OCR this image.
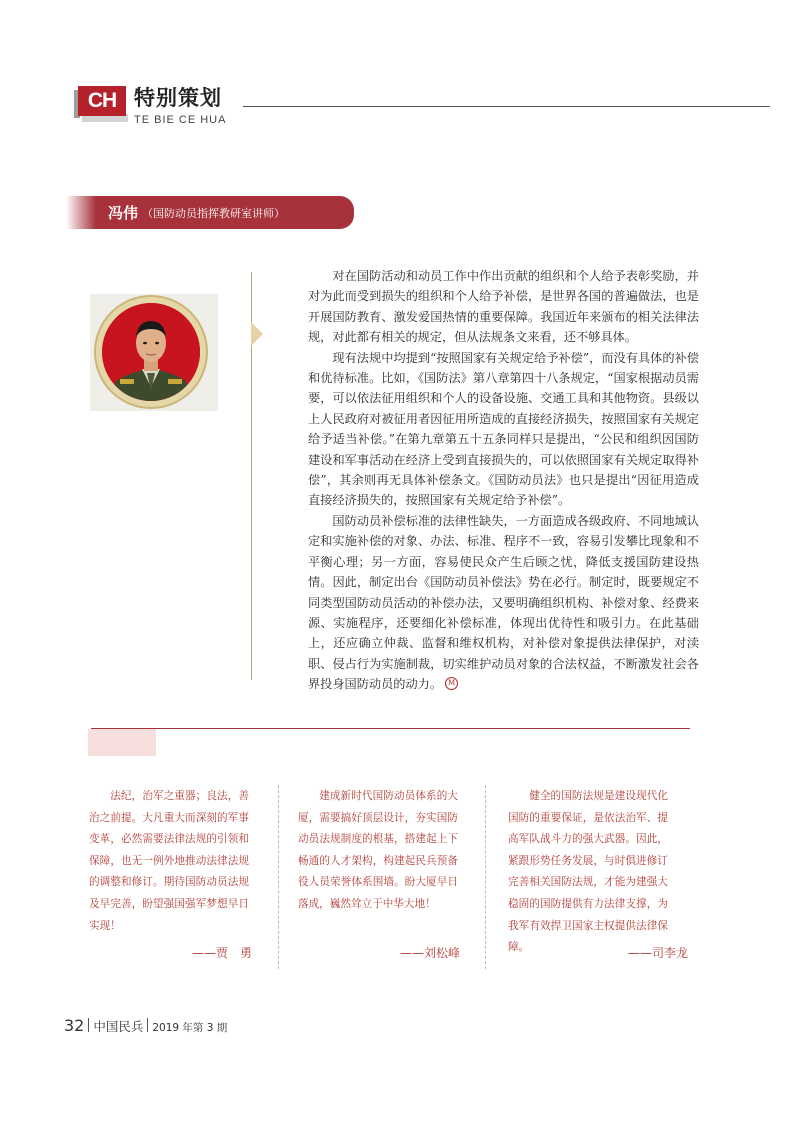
CH 特别策划
TE BIE CE HUA
冯伟 （国防动员指挥教研室讲师）

对在国防活动和动员工作中作出贡献的组织和个人给予表彰奖励，并对为此而受到损失的组织和个人给予补偿，是世界各国的普遍做法，也是开展国防教育、激发爱国热情的重要保障。我国近年来颁布的相关法律法规，对此都有相关的规定，但从法规条文来看，还不够具体。

现有法规中均提到“按照国家有关规定给予补偿”，而没有具体的补偿和优待标准。比如，《国防法》第八章第四十八条规定，“国家根据动员需要，可以依法征用组织和个人的设备设施、交通工具和其他物资。县级以上人民政府对被征用者因征用所造成的直接经济损失，按照国家有关规定给予适当补偿。”在第九章第五十五条同样只是提出，“公民和组织因国防建设和军事活动在经济上受到直接损失的，可以依照国家有关规定取得补偿”，其余则再无具体补偿条文。《国防动员法》也只是提出“因征用造成直接经济损失的，按照国家有关规定给予补偿”。

国防动员补偿标准的法律性缺失，一方面造成各级政府、不同地域认定和实施补偿的对象、办法、标准、程序不一致，容易引发攀比现象和不平衡心理；另一方面，容易使民众产生后顾之忧，降低支援国防建设热情。因此，制定出台《国防动员补偿法》势在必行。制定时，既要规定不同类型国防动员活动的补偿办法，又要明确组织机构、补偿对象、经费来源、实施程序，还要细化补偿标准，体现出优待性和吸引力。在此基础上，还应确立仲裁、监督和维权机构，对补偿对象提供法律保护，对渎职、侵占行为实施制裁，切实维护动员对象的合法权益，不断激发社会各界投身国防动员的动力。 M

法纪，治军之重器；良法，善治之前提。大凡重大而深刻的军事变革，必然需要法律法规的引领和保障，也无一例外地推动法律法规的调整和修订。期待国防动员法规及早完善，盼望强国强军梦想早日实现！

——贾　勇

建成新时代国防动员体系的大厦，需要搞好顶层设计，夯实国防动员法规制度的根基，搭建起上下畅通的人才架构，构建起民兵预备役人员荣誉体系围墙。盼大厦早日落成，巍然耸立于中华大地！

——刘松峰

健全的国防法规是建设现代化国防的重要保证，是依法治军、提高军队战斗力的强大武器。因此，紧跟形势任务发展，与时俱进修订完善相关国防法规，才能为建强大稳固的国防提供有力法律支撑，为我军有效捍卫国家主权提供法律保障。	——司李龙
32 中国民兵 2019 年第 3 期
